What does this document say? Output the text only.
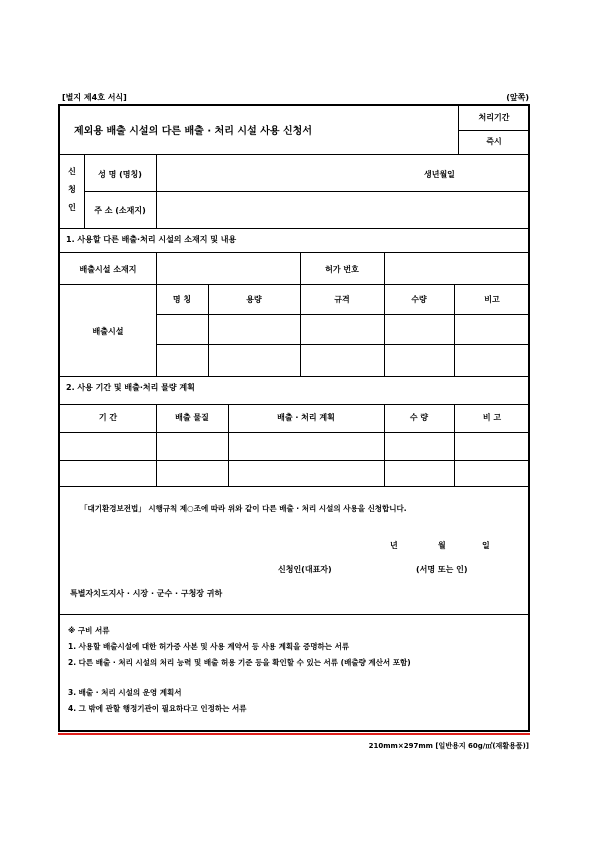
[별지 제4호 서식]	(앞쪽)
제외용 배출 시설의 다른 배출 · 처리 시설 사용 신청서
처리기간
즉시
신
청
인
성 명 (명칭)	생년월일
주 소 (소재지)
1. 사용할 다른 배출·처리 시설의 소재지 및 내용
배출시설 소재지	허가 번호
배출시설
명 칭	용량	규격	수량	비고
2. 사용 기간 및 배출·처리 물량 계획
기 간	배출 물질	배출 · 처리 계획	수 량	비 고
「대기환경보전법」 시행규칙 제○조에 따라 위와 같이 다른 배출 · 처리 시설의 사용을 신청합니다.
년	월	일
신청인(대표자)	(서명 또는 인)
특별자치도지사 · 시장 · 군수 · 구청장 귀하
※ 구비 서류
1. 사용할 배출시설에 대한 허가증 사본 및 사용 계약서 등 사용 계획을 증명하는 서류
2. 다른 배출 · 처리 시설의 처리 능력 및 배출 허용 기준 등을 확인할 수 있는 서류 (배출량 계산서 포함)
3. 배출 · 처리 시설의 운영 계획서
4. 그 밖에 관할 행정기관이 필요하다고 인정하는 서류
210mm×297mm [일반용지 60g/㎡(재활용품)]
